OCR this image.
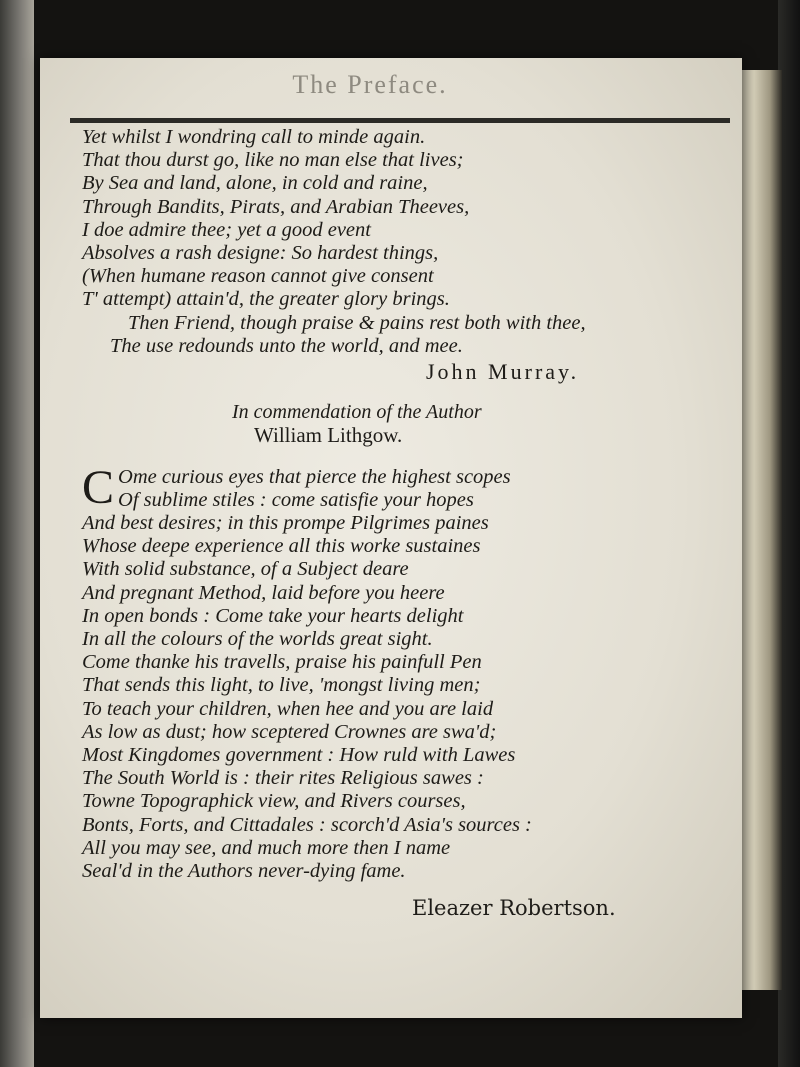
The Preface.
Yet whilst I wondring call to minde again.
That thou durst go, like no man else that lives;
By Sea and land, alone, in cold and raine,
Through Bandits, Pirats, and Arabian Theeves,
I doe admire thee; yet a good event
Absolves a rash designe: So hardest things,
(When humane reason cannot give consent
T' attempt) attain'd, the greater glory brings.
Then Friend, though praise & pains rest both with thee,
The use redounds unto the world, and mee.
John Murray.
In commendation of the Author
William Lithgow.
C Ome curious eyes that pierce the highest scopes
Of sublime stiles : come satisfie your hopes
And best desires; in this prompe Pilgrimes paines
Whose deepe experience all this worke sustaines
With solid substance, of a Subject deare
And pregnant Method, laid before you heere
In open bonds : Come take your hearts delight
In all the colours of the worlds great sight.
Come thanke his travells, praise his painfull Pen
That sends this light, to live, 'mongst living men;
To teach your children, when hee and you are laid
As low as dust; how sceptered Crownes are swa'd;
Most Kingdomes government : How ruld with Lawes
The South World is : their rites Religious sawes :
Towne Topographick view, and Rivers courses,
Bonts, Forts, and Cittadales : scorch'd Asia's sources :
All you may see, and much more then I name
Seal'd in the Authors never-dying fame.
Eleazer Robertson.
